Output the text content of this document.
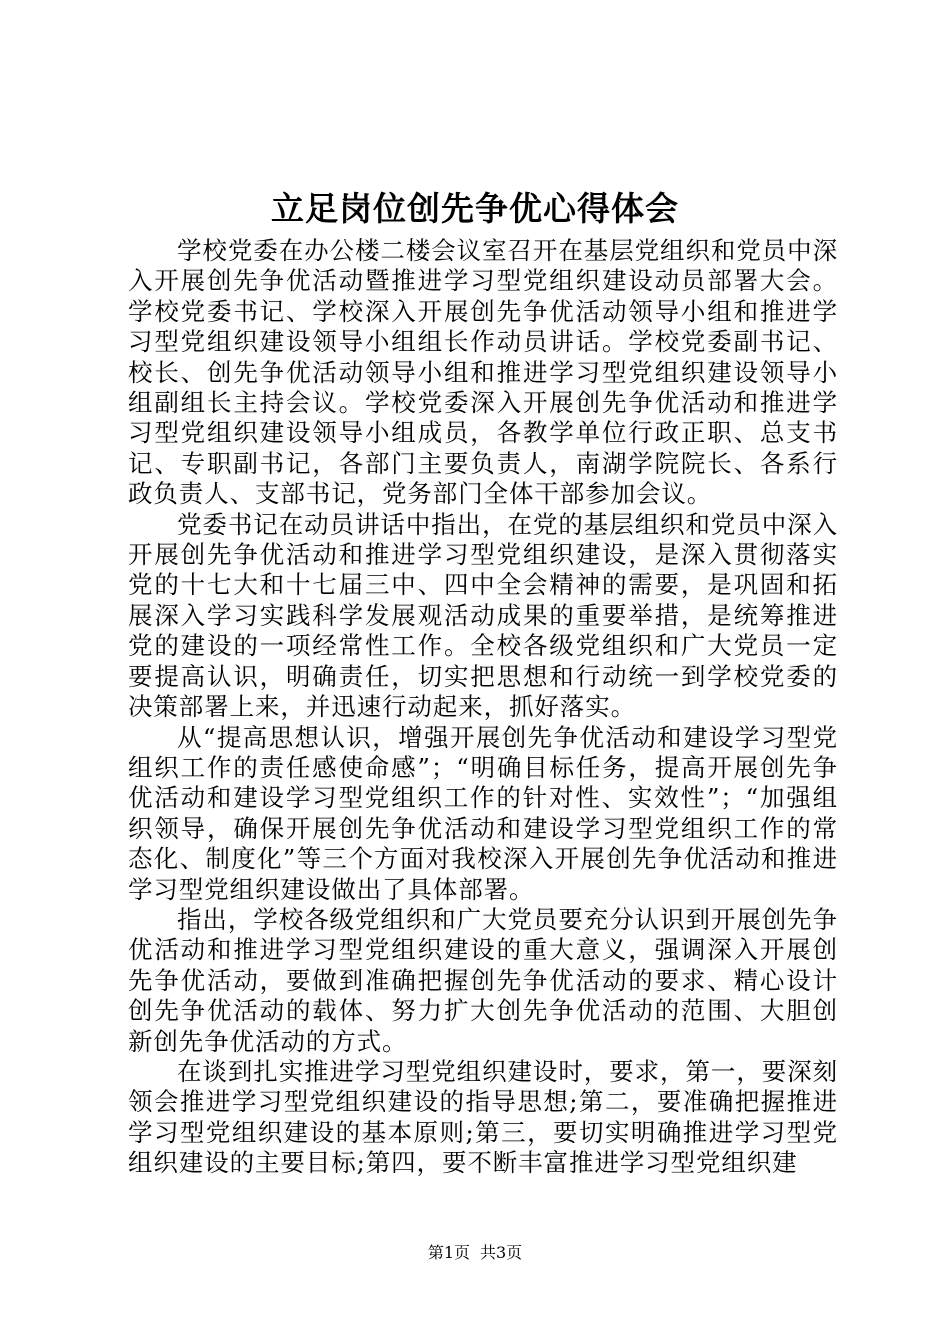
立足岗位创先争优心得体会

学校党委在办公楼二楼会议室召开在基层党组织和党员中深入开展创先争优活动暨推进学习型党组织建设动员部署大会。学校党委书记、学校深入开展创先争优活动领导小组和推进学习型党组织建设领导小组组长作动员讲话。学校党委副书记、校长、创先争优活动领导小组和推进学习型党组织建设领导小组副组长主持会议。学校党委深入开展创先争优活动和推进学习型党组织建设领导小组成员，各教学单位行政正职、总支书记、专职副书记，各部门主要负责人，南湖学院院长、各系行政负责人、支部书记，党务部门全体干部参加会议。

党委书记在动员讲话中指出，在党的基层组织和党员中深入开展创先争优活动和推进学习型党组织建设，是深入贯彻落实党的十七大和十七届三中、四中全会精神的需要，是巩固和拓展深入学习实践科学发展观活动成果的重要举措，是统筹推进党的建设的一项经常性工作。全校各级党组织和广大党员一定要提高认识，明确责任，切实把思想和行动统一到学校党委的决策部署上来，并迅速行动起来，抓好落实。

从“提高思想认识，增强开展创先争优活动和建设学习型党组织工作的责任感使命感”；“明确目标任务，提高开展创先争优活动和建设学习型党组织工作的针对性、实效性”；“加强组织领导，确保开展创先争优活动和建设学习型党组织工作的常态化、制度化”等三个方面对我校深入开展创先争优活动和推进学习型党组织建设做出了具体部署。

指出，学校各级党组织和广大党员要充分认识到开展创先争优活动和推进学习型党组织建设的重大意义，强调深入开展创先争优活动，要做到准确把握创先争优活动的要求、精心设计创先争优活动的载体、努力扩大创先争优活动的范围、大胆创新创先争优活动的方式。

在谈到扎实推进学习型党组织建设时，要求，第一，要深刻领会推进学习型党组织建设的指导思想;第二，要准确把握推进学习型党组织建设的基本原则;第三，要切实明确推进学习型党组织建设的主要目标;第四，要不断丰富推进学习型党组织建

第1页 共3页
